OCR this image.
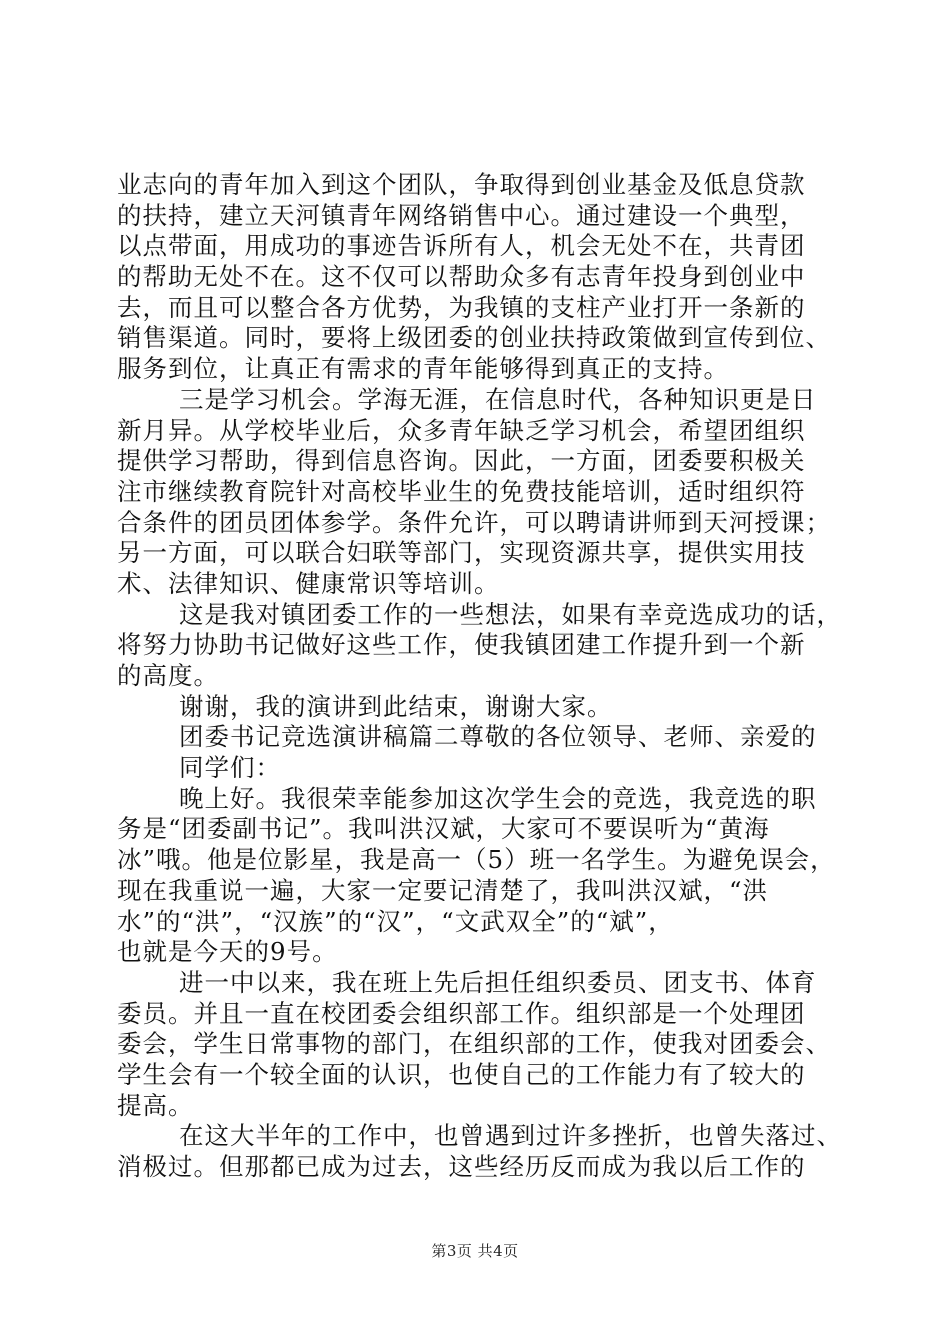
业志向的青年加入到这个团队，争取得到创业基金及低息贷款
的扶持，建立天河镇青年网络销售中心。通过建设一个典型，
以点带面，用成功的事迹告诉所有人，机会无处不在，共青团
的帮助无处不在。这不仅可以帮助众多有志青年投身到创业中
去，而且可以整合各方优势，为我镇的支柱产业打开一条新的
销售渠道。同时，要将上级团委的创业扶持政策做到宣传到位、
服务到位，让真正有需求的青年能够得到真正的支持。
三是学习机会。学海无涯，在信息时代，各种知识更是日
新月异。从学校毕业后，众多青年缺乏学习机会，希望团组织
提供学习帮助，得到信息咨询。因此，一方面，团委要积极关
注市继续教育院针对高校毕业生的免费技能培训，适时组织符
合条件的团员团体参学。条件允许，可以聘请讲师到天河授课；
另一方面，可以联合妇联等部门，实现资源共享，提供实用技
术、法律知识、健康常识等培训。
这是我对镇团委工作的一些想法，如果有幸竞选成功的话，
将努力协助书记做好这些工作，使我镇团建工作提升到一个新
的高度。
谢谢，我的演讲到此结束，谢谢大家。
团委书记竞选演讲稿篇二尊敬的各位领导、老师、亲爱的
同学们：
晚上好。我很荣幸能参加这次学生会的竞选，我竞选的职
务是“团委副书记”。我叫洪汉斌，大家可不要误听为“黄海
冰”哦。他是位影星，我是高一（5）班一名学生。为避免误会，
现在我重说一遍，大家一定要记清楚了，我叫洪汉斌，“洪
水”的“洪”，“汉族”的“汉”，“文武双全”的“斌”，
也就是今天的9号。
进一中以来，我在班上先后担任组织委员、团支书、体育
委员。并且一直在校团委会组织部工作。组织部是一个处理团
委会，学生日常事物的部门，在组织部的工作，使我对团委会、
学生会有一个较全面的认识，也使自己的工作能力有了较大的
提高。
在这大半年的工作中，也曾遇到过许多挫折，也曾失落过、
消极过。但那都已成为过去，这些经历反而成为我以后工作的
第3页 共4页
